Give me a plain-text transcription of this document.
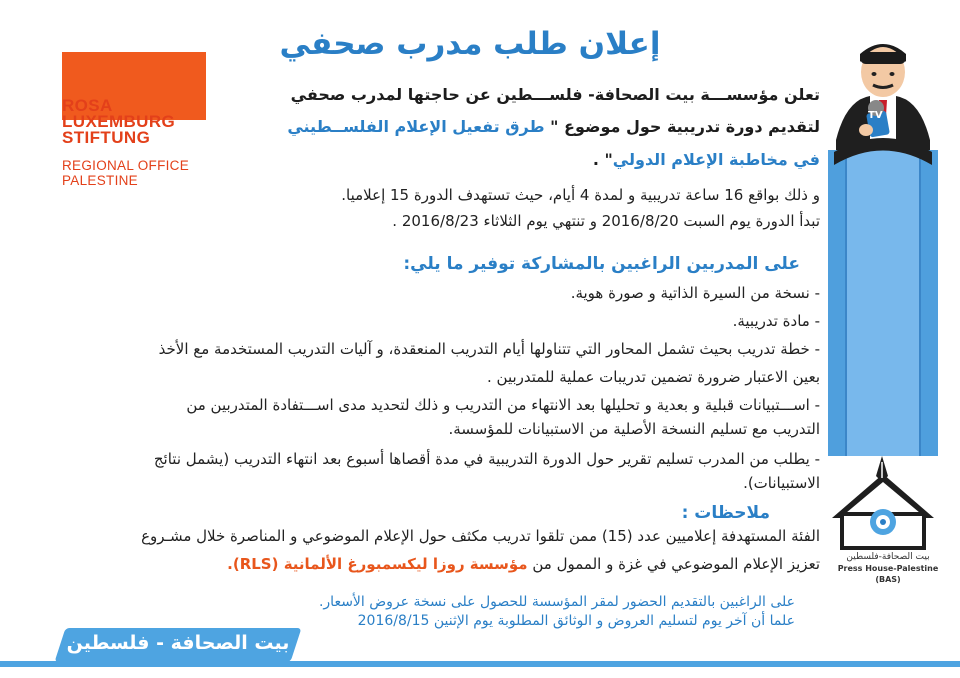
إعلان طلب مدرب صحفي
ROSA
LUXEMBURG
STIFTUNG
REGIONAL OFFICE
PALESTINE
تعلن مؤسســـة بيت الصحافة- فلســـطين عن حاجتها لمدرب صحفي
لتقديم دورة تدريبية حول موضوع " طرق تفعيل الإعلام الفلســطيني
في مخاطبة الإعلام الدولي" .
و ذلك بواقع 16 ساعة تدريبية و لمدة 4 أيام، حيث تستهدف الدورة 15 إعلاميا.
تبدأ الدورة يوم السبت 2016/8/20 و تنتهي يوم الثلاثاء 2016/8/23 .
على المدربين الراغبين بالمشاركة توفير ما يلي:
- نسخة من السيرة الذاتية و صورة هوية.
- مادة تدريبية.
- خطة تدريب بحيث تشمل المحاور التي تتناولها أيام التدريب المنعقدة، و آليات التدريب المستخدمة مع الأخذ
بعين الاعتبار ضرورة تضمين تدريبات عملية للمتدربين .
- اســـتبيانات قبلية و بعدية و تحليلها بعد الانتهاء من التدريب و ذلك لتحديد مدى اســـتفادة المتدربين من
التدريب مع تسليم النسخة الأصلية من الاستبيانات للمؤسسة.
- يطلب من المدرب تسليم تقرير حول الدورة التدريبية في مدة أقصاها أسبوع بعد انتهاء التدريب (يشمل نتائج
الاستبيانات).
ملاحظات :
الفئة المستهدفة إعلاميين عدد (15) ممن تلقوا تدريب مكثف حول الإعلام الموضوعي و المناصرة خلال مشـروع
تعزيز الإعلام الموضوعي في غزة و الممول من مؤسسة روزا ليكسمبورغ الألمانية (RLS).
على الراغبين بالتقديم الحضور لمقر المؤسسة للحصول على نسخة عروض الأسعار.
علما أن آخر يوم لتسليم العروض و الوثائق المطلوبة يوم الإثنين 2016/8/15
TV
بيت الصحافة-فلسطين
Press House-Palestine
(BAS)
بيت الصحافة - فلسطين
